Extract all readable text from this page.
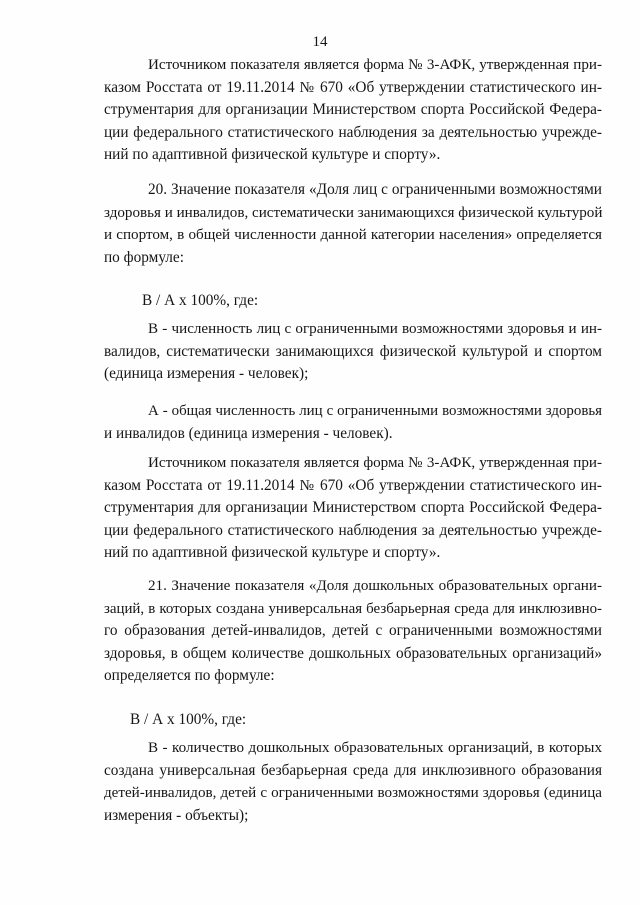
14
Источником показателя является форма № 3-АФК, утвержденная при-
казом Росстата от 19.11.2014 № 670 «Об утверждении статистического ин-
струментария для организации Министерством спорта Российской Федера-
ции федерального статистического наблюдения за деятельностью учрежде-
ний по адаптивной физической культуре и спорту».
20. Значение показателя «Доля лиц с ограниченными возможностями
здоровья и инвалидов, систематически занимающихся физической культурой
и спортом, в общей численности данной категории населения» определяется
по формуле:
В / А х 100%, где:
В - численность лиц с ограниченными возможностями здоровья и ин-
валидов, систематически занимающихся физической культурой и спортом
(единица измерения - человек);
А - общая численность лиц с ограниченными возможностями здоровья
и инвалидов (единица измерения - человек).
Источником показателя является форма № 3-АФК, утвержденная при-
казом Росстата от 19.11.2014 № 670 «Об утверждении статистического ин-
струментария для организации Министерством спорта Российской Федера-
ции федерального статистического наблюдения за деятельностью учрежде-
ний по адаптивной физической культуре и спорту».
21. Значение показателя «Доля дошкольных образовательных органи-
заций, в которых создана универсальная безбарьерная среда для инклюзивно-
го образования детей-инвалидов, детей с ограниченными возможностями
здоровья, в общем количестве дошкольных образовательных организаций»
определяется по формуле:
В / А х 100%, где:
В - количество дошкольных образовательных организаций, в которых
создана универсальная безбарьерная среда для инклюзивного образования
детей-инвалидов, детей с ограниченными возможностями здоровья (единица
измерения - объекты);
